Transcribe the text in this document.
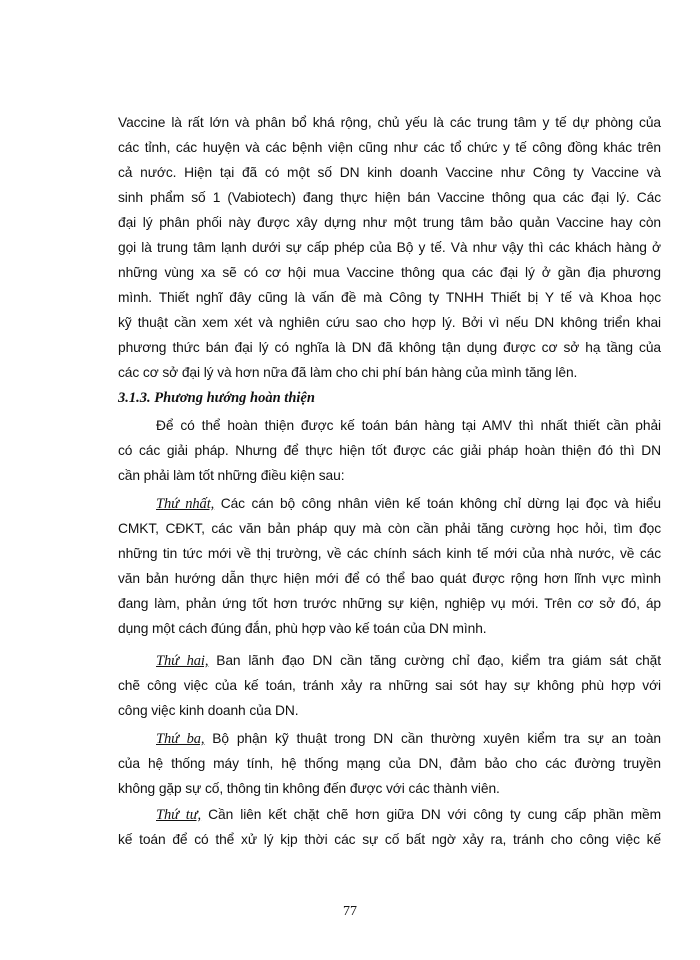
Vaccine là rất lớn và phân bổ khá rộng, chủ yếu là các trung tâm y tế dự phòng của
các tỉnh, các huyện và các bệnh viện cũng như các tổ chức y tế công đồng khác trên
cả nước. Hiện tại đã có một số DN kinh doanh Vaccine như Công ty Vaccine và
sinh phẩm số 1 (Vabiotech) đang thực hiện bán Vaccine thông qua các đại lý. Các
đại lý phân phối này được xây dựng như một trung tâm bảo quản Vaccine hay còn
gọi là trung tâm lạnh dưới sự cấp phép của Bộ y tế. Và như vậy thì các khách hàng ở
những vùng xa sẽ có cơ hội mua Vaccine thông qua các đại lý ở gần địa phương
mình. Thiết nghĩ đây cũng là vấn đề mà Công ty TNHH Thiết bị Y tế và Khoa học
kỹ thuật cần xem xét và nghiên cứu sao cho hợp lý. Bởi vì nếu DN không triển khai
phương thức bán đại lý có nghĩa là DN đã không tận dụng được cơ sở hạ tầng của
các cơ sở đại lý và hơn nữa đã làm cho chi phí bán hàng của mình tăng lên.
3.1.3. Phương hướng hoàn thiện
Để có thể hoàn thiện được kế toán bán hàng tại AMV thì nhất thiết cần phải
có các giải pháp. Nhưng để thực hiện tốt được các giải pháp hoàn thiện đó thì DN
cần phải làm tốt những điều kiện sau:
Thứ nhất, Các cán bộ công nhân viên kế toán không chỉ dừng lại đọc và hiểu
CMKT, CĐKT, các văn bản pháp quy mà còn cần phải tăng cường học hỏi, tìm đọc
những tin tức mới về thị trường, về các chính sách kinh tế mới của nhà nước, về các
văn bản hướng dẫn thực hiện mới để có thể bao quát được rộng hơn lĩnh vực mình
đang làm, phản ứng tốt hơn trước những sự kiện, nghiệp vụ mới. Trên cơ sở đó, áp
dụng một cách đúng đắn, phù hợp vào kế toán của DN mình.
Thứ hai, Ban lãnh đạo DN cần tăng cường chỉ đạo, kiểm tra giám sát chặt
chẽ công việc của kế toán, tránh xảy ra những sai sót hay sự không phù hợp với
công việc kinh doanh của DN.
Thứ ba, Bộ phận kỹ thuật trong DN cần thường xuyên kiểm tra sự an toàn
của hệ thống máy tính, hệ thống mạng của DN, đảm bảo cho các đường truyền
không gặp sự cố, thông tin không đến được với các thành viên.
Thứ tư, Cần liên kết chặt chẽ hơn giữa DN với công ty cung cấp phần mềm
kế toán để có thể xử lý kịp thời các sự cố bất ngờ xảy ra, tránh cho công việc kế
77
